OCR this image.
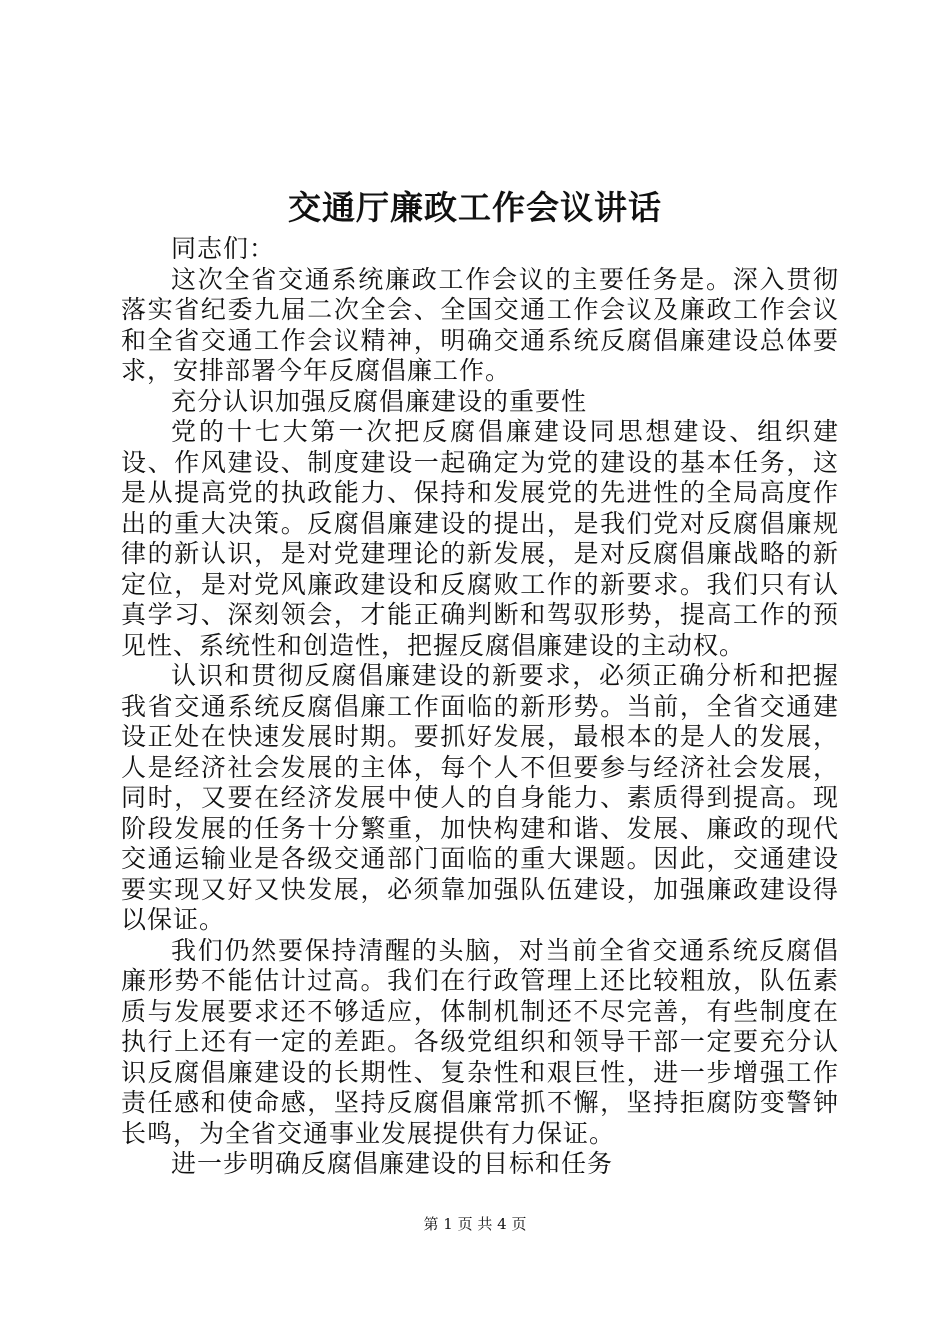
交通厅廉政工作会议讲话

同志们：

这次全省交通系统廉政工作会议的主要任务是。深入贯彻落实省纪委九届二次全会、全国交通工作会议及廉政工作会议和全省交通工作会议精神，明确交通系统反腐倡廉建设总体要求，安排部署今年反腐倡廉工作。

充分认识加强反腐倡廉建设的重要性

党的十七大第一次把反腐倡廉建设同思想建设、组织建设、作风建设、制度建设一起确定为党的建设的基本任务，这是从提高党的执政能力、保持和发展党的先进性的全局高度作出的重大决策。反腐倡廉建设的提出，是我们党对反腐倡廉规律的新认识，是对党建理论的新发展，是对反腐倡廉战略的新定位，是对党风廉政建设和反腐败工作的新要求。我们只有认真学习、深刻领会，才能正确判断和驾驭形势，提高工作的预见性、系统性和创造性，把握反腐倡廉建设的主动权。

认识和贯彻反腐倡廉建设的新要求，必须正确分析和把握我省交通系统反腐倡廉工作面临的新形势。当前，全省交通建设正处在快速发展时期。要抓好发展，最根本的是人的发展，人是经济社会发展的主体，每个人不但要参与经济社会发展，同时，又要在经济发展中使人的自身能力、素质得到提高。现阶段发展的任务十分繁重，加快构建和谐、发展、廉政的现代交通运输业是各级交通部门面临的重大课题。因此，交通建设要实现又好又快发展，必须靠加强队伍建设，加强廉政建设得以保证。

我们仍然要保持清醒的头脑，对当前全省交通系统反腐倡廉形势不能估计过高。我们在行政管理上还比较粗放，队伍素质与发展要求还不够适应，体制机制还不尽完善，有些制度在执行上还有一定的差距。各级党组织和领导干部一定要充分认识反腐倡廉建设的长期性、复杂性和艰巨性，进一步增强工作责任感和使命感，坚持反腐倡廉常抓不懈，坚持拒腐防变警钟长鸣，为全省交通事业发展提供有力保证。

进一步明确反腐倡廉建设的目标和任务

第 1 页 共 4 页
